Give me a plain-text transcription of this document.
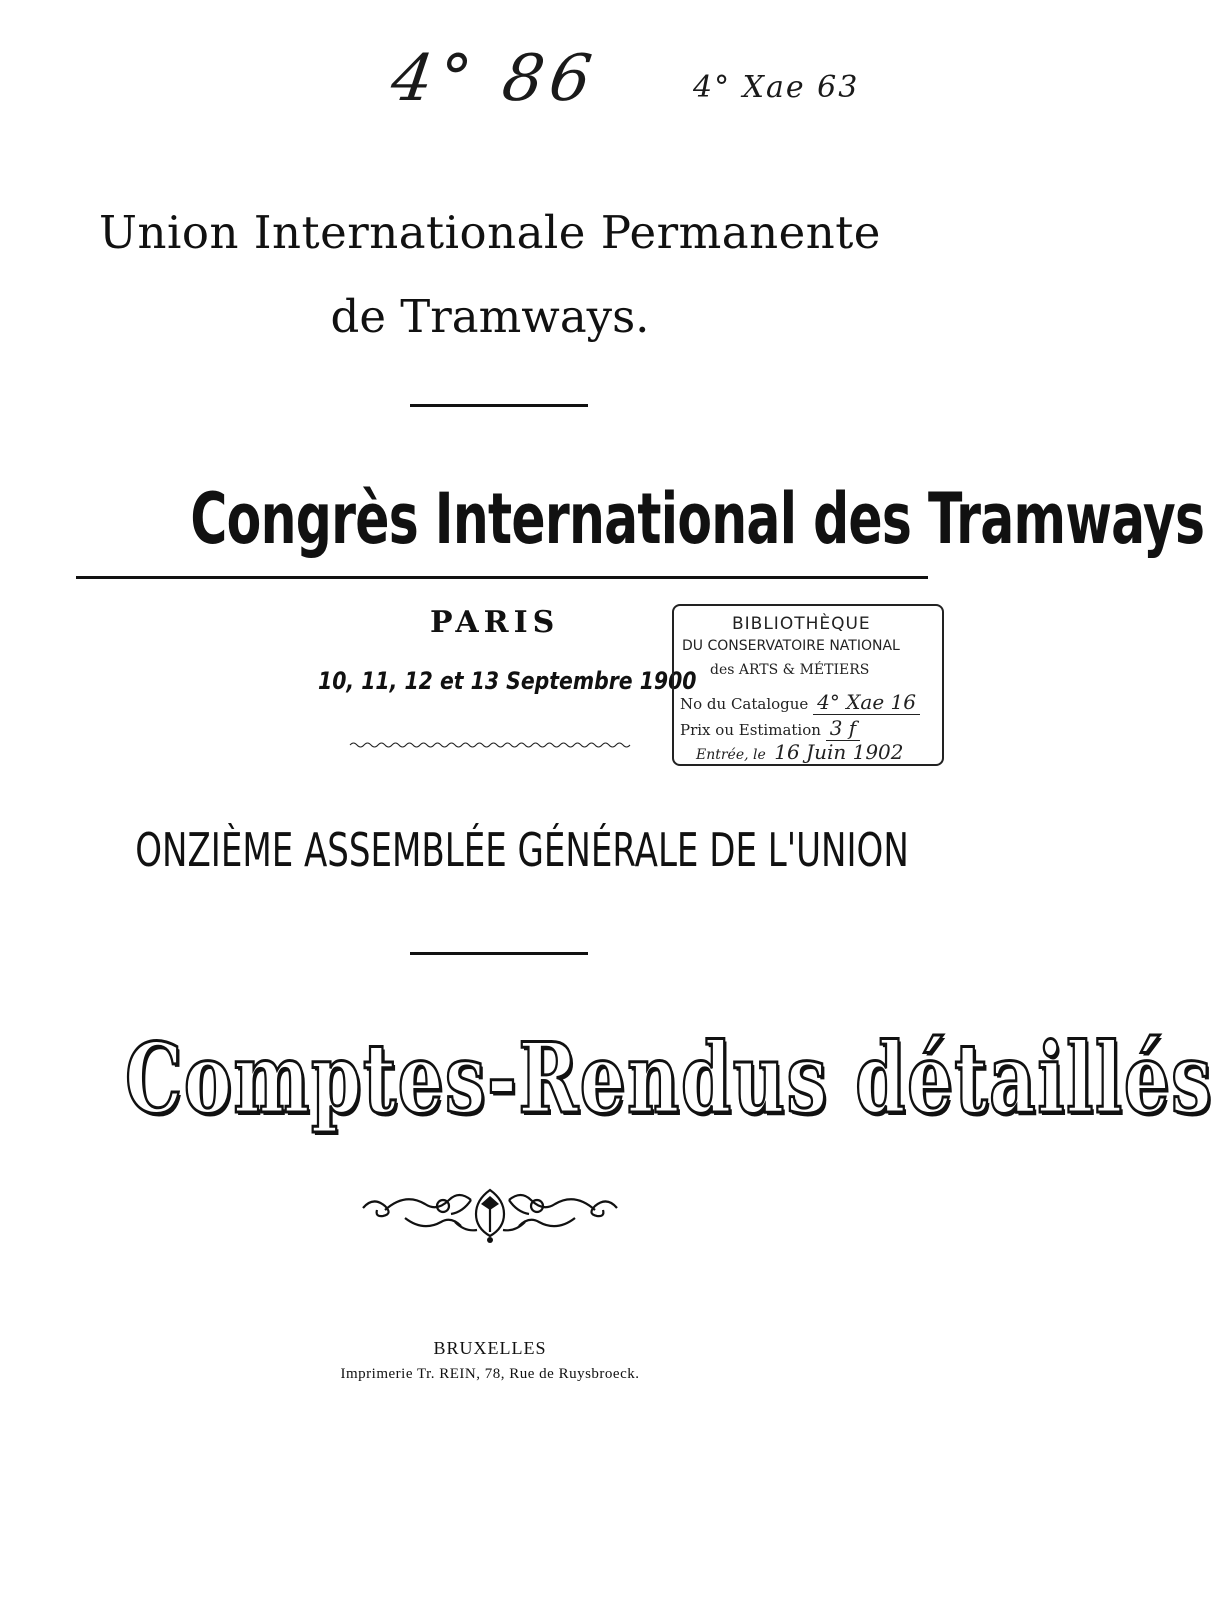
4° 86	4° Xae 63
Union Internationale Permanente
de Tramways.
Congrès International des Tramways
PARIS
10, 11, 12 et 13 Septembre 1900
BIBLIOTHÈQUE
DU CONSERVATOIRE NATIONAL
des ARTS & MÉTIERS
No du Catalogue 4° Xae 16
Prix ou Estimation 3 f
Entrée, le 16 Juin 1902
ONZIÈME ASSEMBLÉE GÉNÉRALE DE L'UNION
Comptes-Rendus détaillés
BRUXELLES
Imprimerie Tr. REIN, 78, Rue de Ruysbroeck.
